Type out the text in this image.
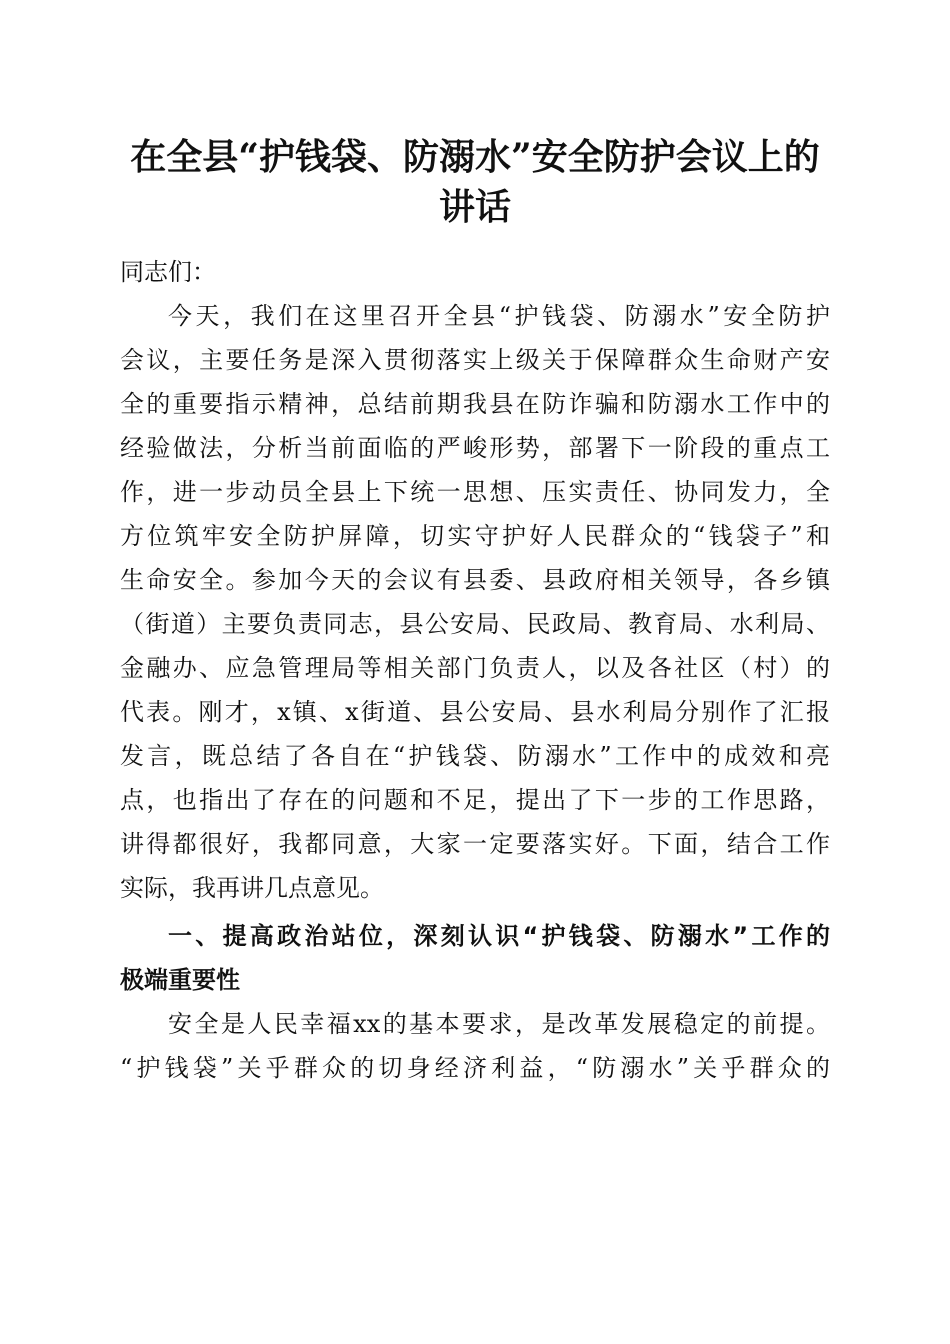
在全县“护钱袋、防溺水”安全防护会议上的
讲话
同志们：
今天，我们在这里召开全县“护钱袋、防溺水”安全防护
会议，主要任务是深入贯彻落实上级关于保障群众生命财产安
全的重要指示精神，总结前期我县在防诈骗和防溺水工作中的
经验做法，分析当前面临的严峻形势，部署下一阶段的重点工
作，进一步动员全县上下统一思想、压实责任、协同发力，全
方位筑牢安全防护屏障，切实守护好人民群众的“钱袋子”和
生命安全。参加今天的会议有县委、县政府相关领导，各乡镇
（街道）主要负责同志，县公安局、民政局、教育局、水利局、
金融办、应急管理局等相关部门负责人，以及各社区（村）的
代表。刚才，x镇、x街道、县公安局、县水利局分别作了汇报
发言，既总结了各自在“护钱袋、防溺水”工作中的成效和亮
点，也指出了存在的问题和不足，提出了下一步的工作思路，
讲得都很好，我都同意，大家一定要落实好。下面，结合工作
实际，我再讲几点意见。
一、提高政治站位，深刻认识“护钱袋、防溺水”工作的
极端重要性
安全是人民幸福xx的基本要求，是改革发展稳定的前提。
“护钱袋”关乎群众的切身经济利益，“防溺水”关乎群众的
